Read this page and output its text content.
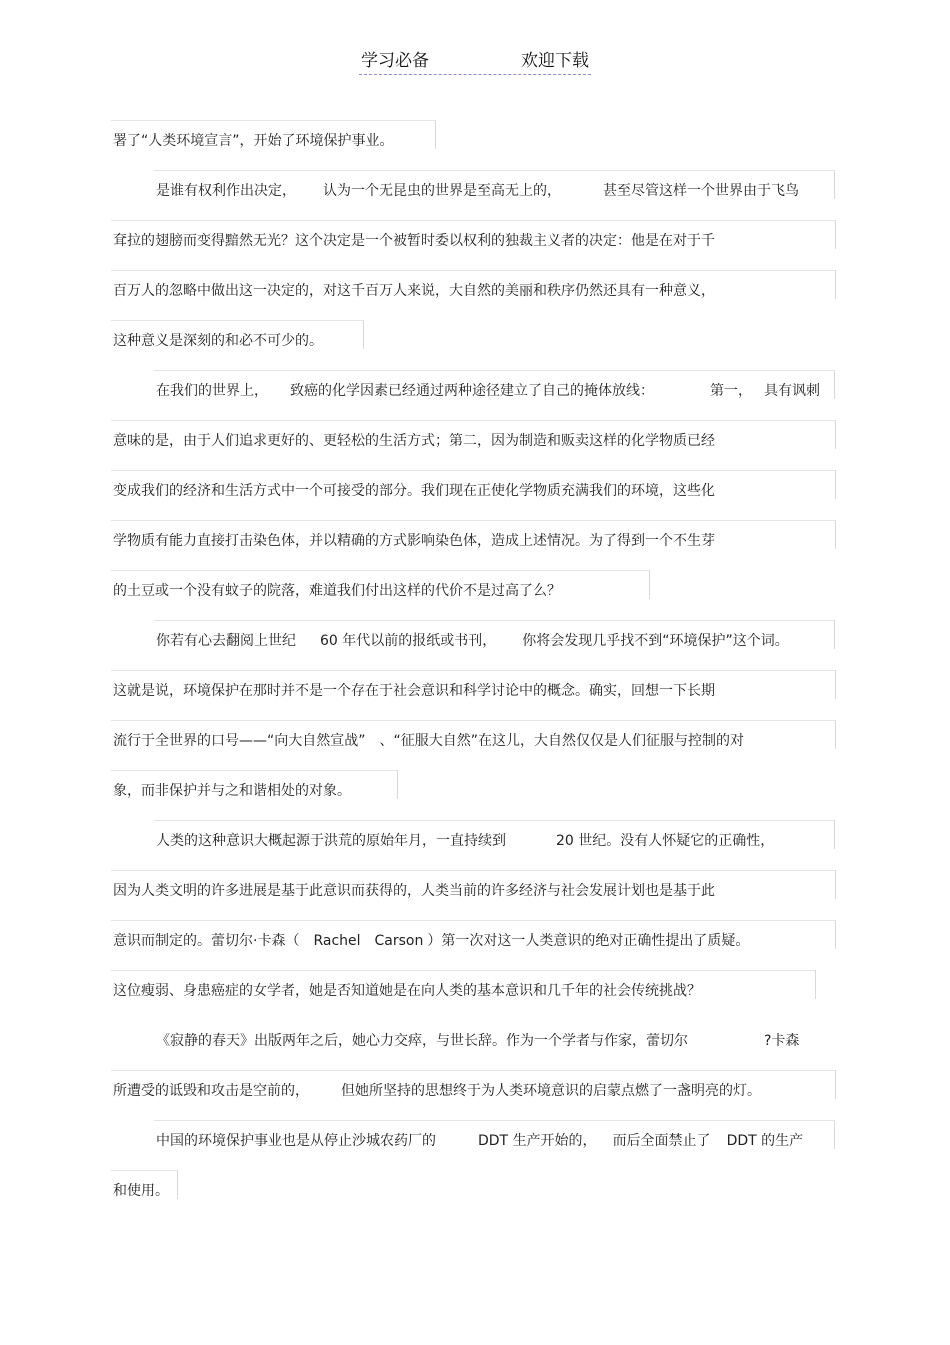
学习必备	欢迎下载
署了“人类环境宣言”，开始了环境保护事业。
是谁有权利作出决定， 认为一个无昆虫的世界是至高无上的，	甚至尽管这样一个世界由于飞鸟
耷拉的翅膀而变得黯然无光？这个决定是一个被暂时委以权利的独裁主义者的决定：他是在对于千
百万人的忽略中做出这一决定的，对这千百万人来说，大自然的美丽和秩序仍然还具有一种意义，
这种意义是深刻的和必不可少的。
在我们的世界上， 致癌的化学因素已经通过两种途径建立了自己的掩体放线：	第一， 具有讽刺
意味的是，由于人们追求更好的、更轻松的生活方式；第二，因为制造和贩卖这样的化学物质已经
变成我们的经济和生活方式中一个可接受的部分。我们现在正使化学物质充满我们的环境，这些化
学物质有能力直接打击染色体，并以精确的方式影响染色体，造成上述情况。为了得到一个不生芽
的土豆或一个没有蚊子的院落，难道我们付出这样的代价不是过高了么？
你若有心去翻阅上世纪 60 年代以前的报纸或书刊， 你将会发现几乎找不到“环境保护”这个词。
这就是说，环境保护在那时并不是一个存在于社会意识和科学讨论中的概念。确实，回想一下长期
流行于全世界的口号——“向大自然宣战” 、“征服大自然”在这儿，大自然仅仅是人们征服与控制的对
象，而非保护并与之和谐相处的对象。
人类的这种意识大概起源于洪荒的原始年月，一直持续到	20 世纪。没有人怀疑它的正确性，
因为人类文明的许多进展是基于此意识而获得的，人类当前的许多经济与社会发展计划也是基于此
意识而制定的。蕾切尔·卡森（ Rachel Carson ）第一次对这一人类意识的绝对正确性提出了质疑。
这位瘦弱、身患癌症的女学者，她是否知道她是在向人类的基本意识和几千年的社会传统挑战？
《寂静的春天》出版两年之后，她心力交瘁，与世长辞。作为一个学者与作家，蕾切尔	?卡森
所遭受的诋毁和攻击是空前的， 但她所坚持的思想终于为人类环境意识的启蒙点燃了一盏明亮的灯。
中国的环境保护事业也是从停止沙城农药厂的	DDT 生产开始的， 而后全面禁止了 DDT 的生产
和使用。
